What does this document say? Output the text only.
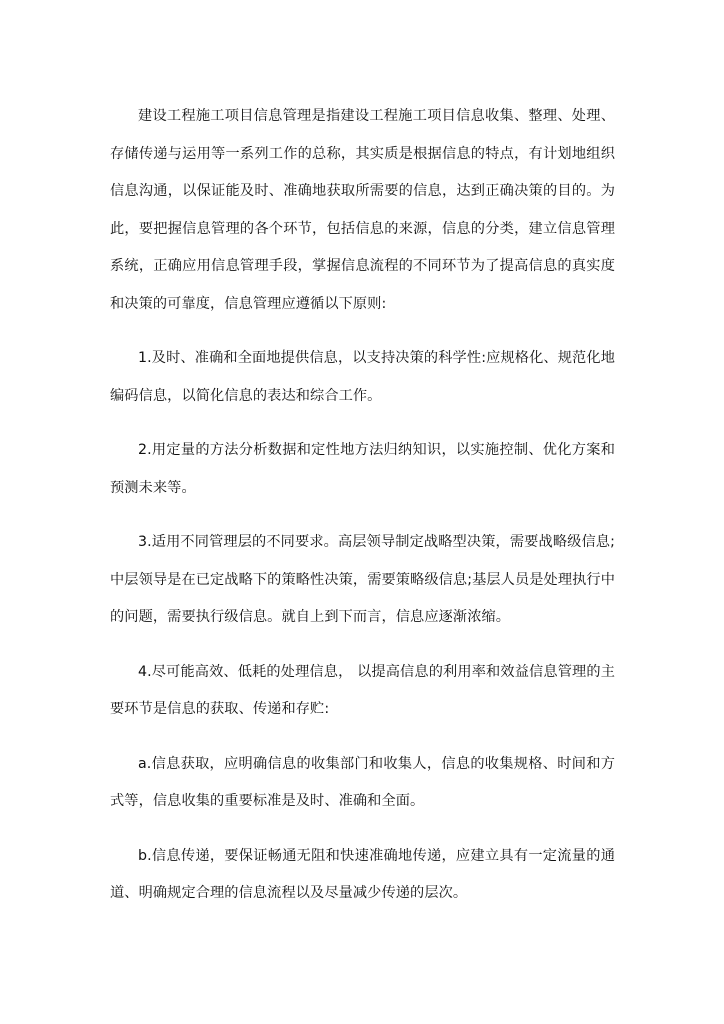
建设工程施工项目信息管理是指建设工程施工项目信息收集、整理、处理、存储传递与运用等一系列工作的总称，其实质是根据信息的特点，有计划地组织信息沟通，以保证能及时、准确地获取所需要的信息，达到正确决策的目的。为此，要把握信息管理的各个环节，包括信息的来源，信息的分类，建立信息管理系统，正确应用信息管理手段，掌握信息流程的不同环节为了提高信息的真实度和决策的可靠度，信息管理应遵循以下原则:

1.及时、准确和全面地提供信息，以支持决策的科学性:应规格化、规范化地编码信息，以简化信息的表达和综合工作。

2.用定量的方法分析数据和定性地方法归纳知识，以实施控制、优化方案和预测未来等。

3.适用不同管理层的不同要求。高层领导制定战略型决策，需要战略级信息;中层领导是在已定战略下的策略性决策，需要策略级信息;基层人员是处理执行中的问题，需要执行级信息。就自上到下而言，信息应逐渐浓缩。

4.尽可能高效、低耗的处理信息， 以提高信息的利用率和效益信息管理的主要环节是信息的获取、传递和存贮:

a.信息获取，应明确信息的收集部门和收集人，信息的收集规格、时间和方式等，信息收集的重要标准是及时、准确和全面。

b.信息传递，要保证畅通无阻和快速准确地传递，应建立具有一定流量的通道、明确规定合理的信息流程以及尽量减少传递的层次。
